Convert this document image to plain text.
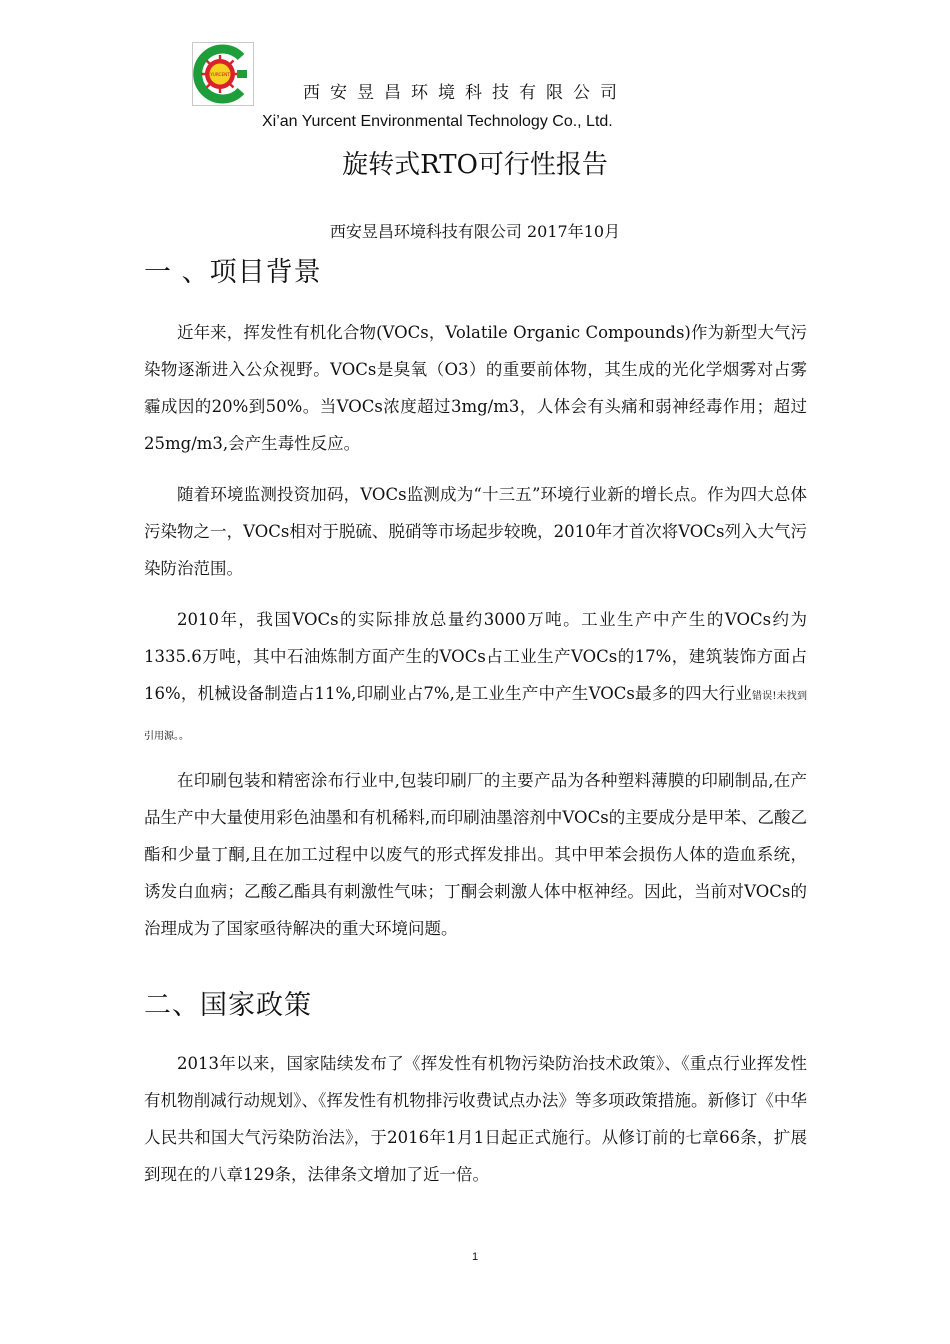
YURCENT
西安昱昌环境科技有限公司
Xi’an Yurcent Environmental Technology Co., Ltd.
旋转式RTO可行性报告
西安昱昌环境科技有限公司 2017年10月
一 、项目背景

近年来，挥发性有机化合物(VOCs，Volatile Organic Compounds)作为新型大气污染物逐渐进入公众视野。VOCs是臭氧（O3）的重要前体物，其生成的光化学烟雾对占雾霾成因的20%到50%。当VOCs浓度超过3mg/m3，人体会有头痛和弱神经毒作用；超过25mg/m3,会产生毒性反应。

随着环境监测投资加码，VOCs监测成为“十三五”环境行业新的增长点。作为四大总体污染物之一，VOCs相对于脱硫、脱硝等市场起步较晚，2010年才首次将VOCs列入大气污染防治范围。

2010年，我国VOCs的实际排放总量约3000万吨。工业生产中产生的VOCs约为1335.6万吨，其中石油炼制方面产生的VOCs占工业生产VOCs的17%，建筑装饰方面占16%，机械设备制造占11%,印刷业占7%,是工业生产中产生VOCs最多的四大行业错误!未找到引用源。。

在印刷包装和精密涂布行业中,包装印刷厂的主要产品为各种塑料薄膜的印刷制品,在产品生产中大量使用彩色油墨和有机稀料,而印刷油墨溶剂中VOCs的主要成分是甲苯、乙酸乙酯和少量丁酮,且在加工过程中以废气的形式挥发排出。其中甲苯会损伤人体的造血系统，诱发白血病；乙酸乙酯具有刺激性气味；丁酮会刺激人体中枢神经。因此，当前对VOCs的治理成为了国家亟待解决的重大环境问题。

二、国家政策

2013年以来，国家陆续发布了《挥发性有机物污染防治技术政策》、《重点行业挥发性有机物削减行动规划》、《挥发性有机物排污收费试点办法》等多项政策措施。新修订《中华人民共和国大气污染防治法》，于2016年1月1日起正式施行。从修订前的七章66条，扩展到现在的八章129条，法律条文增加了近一倍。

1
